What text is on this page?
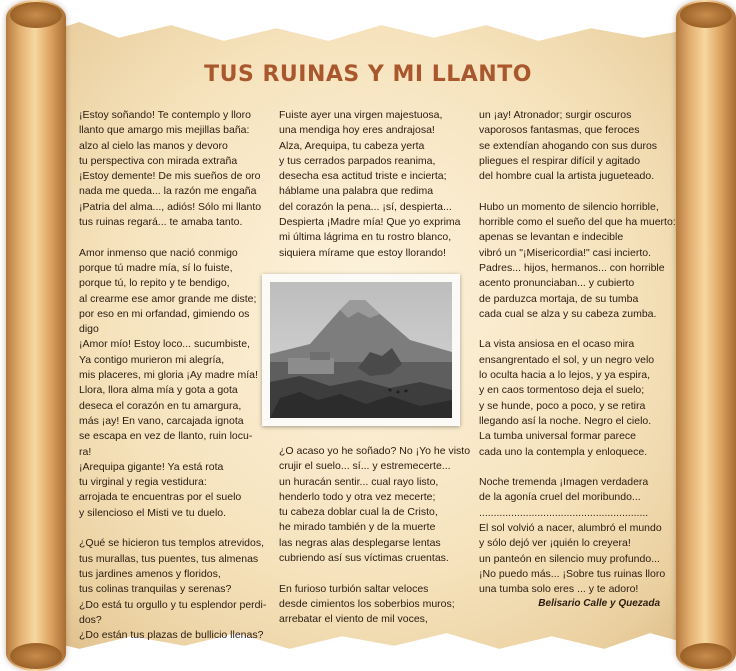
TUS RUINAS Y MI LLANTO
¡Estoy soñando! Te contemplo y lloro
llanto que amargo mis mejillas baña:
alzo al cielo las manos y devoro
tu perspectiva con mirada extraña
¡Estoy demente! De mis sueños de oro
nada me queda... la razón me engaña
¡Patria del alma..., adiós! Sólo mi llanto
tus ruinas regará... te amaba tanto.
Amor inmenso que nació conmigo
porque tú madre mía, sí lo fuiste,
porque tú, lo repito y te bendigo,
al crearme ese amor grande me diste;
por eso en mi orfandad, gimiendo os
digo
¡Amor mío! Estoy loco... sucumbiste,
Ya contigo murieron mi alegría,
mis placeres, mi gloria ¡Ay madre mía!
Llora, llora alma mía y gota a gota
deseca el corazón en tu amargura,
más ¡ay! En vano, carcajada ignota
se escapa en vez de llanto, ruin locu-
ra!
¡Arequipa gigante! Ya está rota
tu virginal y regia vestidura:
arrojada te encuentras por el suelo
y silencioso el Misti ve tu duelo.
¿Qué se hicieron tus templos atrevidos,
tus murallas, tus puentes, tus almenas
tus jardines amenos y floridos,
tus colinas tranquilas y serenas?
¿Do está tu orgullo y tu esplendor perdi-
dos?
¿Do están tus plazas de bullicio llenas?
Fuiste ayer una virgen majestuosa,
una mendiga hoy eres andrajosa!
Alza, Arequipa, tu cabeza yerta
y tus cerrados parpados reanima,
desecha esa actitud triste e incierta;
háblame una palabra que redima
del corazón la pena... ¡sí, despierta...
Despierta ¡Madre mía! Que yo exprima
mi última lágrima en tu rostro blanco,
siquiera mírame que estoy llorando!
¿O acaso yo he soñado? No ¡Yo he visto
crujir el suelo... sí... y estremecerte...
un huracán sentir... cual rayo listo,
henderlo todo y otra vez mecerte;
tu cabeza doblar cual la de Cristo,
he mirado también y de la muerte
las negras alas desplegarse lentas
cubriendo así sus víctimas cruentas.
En furioso turbión saltar veloces
desde cimientos los soberbios muros;
arrebatar el viento de mil voces,
un ¡ay! Atronador; surgir oscuros
vaporosos fantasmas, que feroces
se extendían ahogando con sus duros
pliegues el respirar difícil y agitado
del hombre cual la artista jugueteado.
Hubo un momento de silencio horrible,
horrible como el sueño del que ha muerto:
apenas se levantan e indecible
vibró un "¡Misericordia!" casi incierto.
Padres... hijos, hermanos... con horrible
acento pronunciaban... y cubierto
de parduzca mortaja, de su tumba
cada cual se alza y su cabeza zumba.
La vista ansiosa en el ocaso mira
ensangrentado el sol, y un negro velo
lo oculta hacia a lo lejos, y ya espira,
y en caos tormentoso deja el suelo;
y se hunde, poco a poco, y se retira
llegando así la noche. Negro el cielo.
La tumba universal formar parece
cada uno la contempla y enloquece.
Noche tremenda ¡Imagen verdadera
de la agonía cruel del moribundo...
..........................................................
El sol volvió a nacer, alumbró el mundo
y sólo dejó ver ¡quién lo creyera!
un panteón en silencio muy profundo...
¡No puedo más... ¡Sobre tus ruinas lloro
una tumba solo eres ... y te adoro!
Belisario Calle y Quezada
